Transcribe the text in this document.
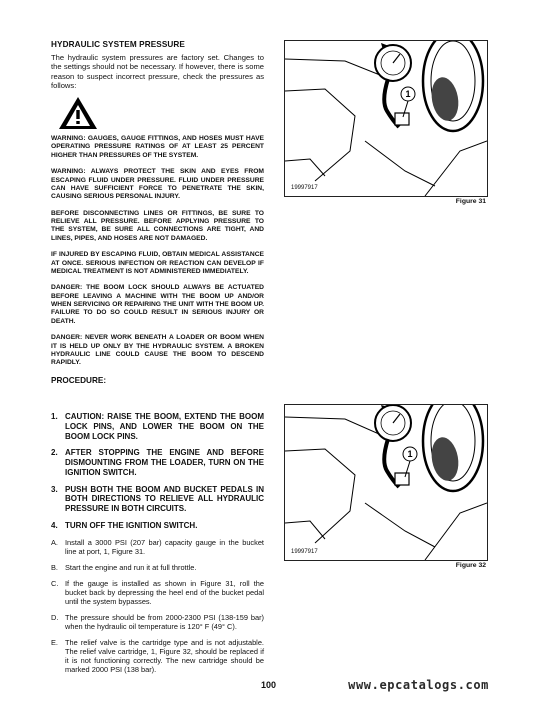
HYDRAULIC SYSTEM PRESSURE

The hydraulic system pressures are factory set. Changes to the settings should not be necessary. If however, there is some reason to suspect incorrect pressure, check the pressures as follows:

WARNING: GAUGES, GAUGE FITTINGS, AND HOSES MUST HAVE OPERATING PRESSURE RATINGS OF AT LEAST 25 PERCENT HIGHER THAN PRESSURES OF THE SYSTEM.

WARNING: ALWAYS PROTECT THE SKIN AND EYES FROM ESCAPING FLUID UNDER PRESSURE. FLUID UNDER PRESSURE CAN HAVE SUFFICIENT FORCE TO PENETRATE THE SKIN, CAUSING SERIOUS PERSONAL INJURY.

BEFORE DISCONNECTING LINES OR FITTINGS, BE SURE TO RELIEVE ALL PRESSURE. BEFORE APPLYING PRESSURE TO THE SYSTEM, BE SURE ALL CONNECTIONS ARE TIGHT, AND LINES, PIPES, AND HOSES ARE NOT DAMAGED.

IF INJURED BY ESCAPING FLUID, OBTAIN MEDICAL ASSISTANCE AT ONCE. SERIOUS INFECTION OR REACTION CAN DEVELOP IF MEDICAL TREATMENT IS NOT ADMINISTERED IMMEDIATELY.

DANGER: THE BOOM LOCK SHOULD ALWAYS BE ACTUATED BEFORE LEAVING A MACHINE WITH THE BOOM UP AND/OR WHEN SERVICING OR REPAIRING THE UNIT WITH THE BOOM UP. FAILURE TO DO SO COULD RESULT IN SERIOUS INJURY OR DEATH.

DANGER: NEVER WORK BENEATH A LOADER OR BOOM WHEN IT IS HELD UP ONLY BY THE HYDRAULIC SYSTEM. A BROKEN HYDRAULIC LINE COULD CAUSE THE BOOM TO DESCEND RAPIDLY.

PROCEDURE:
1. CAUTION: RAISE THE BOOM, EXTEND THE BOOM LOCK PINS, AND LOWER THE BOOM ON THE BOOM LOCK PINS.
2. AFTER STOPPING THE ENGINE AND BEFORE DISMOUNTING FROM THE LOADER, TURN ON THE IGNITION SWITCH.
3. PUSH BOTH THE BOOM AND BUCKET PEDALS IN BOTH DIRECTIONS TO RELIEVE ALL HYDRAULIC PRESSURE IN BOTH CIRCUITS.
4. TURN OFF THE IGNITION SWITCH.
A. Install a 3000 PSI (207 bar) capacity gauge in the bucket line at port, 1, Figure 31.
B. Start the engine and run it at full throttle.
C. If the gauge is installed as shown in Figure 31, roll the bucket back by depressing the heel end of the bucket pedal until the system bypasses.
D. The pressure should be from 2000-2300 PSI (138-159 bar) when the hydraulic oil temperature is 120° F (49° C).
E. The relief valve is the cartridge type and is not adjustable. The relief valve cartridge, 1, Figure 32, should be replaced if it is not functioning correctly. The new cartridge should be marked 2000 PSI (138 bar).
1
19997917
Figure 31
1
19997917
Figure 32
100	www.epcatalogs.com
